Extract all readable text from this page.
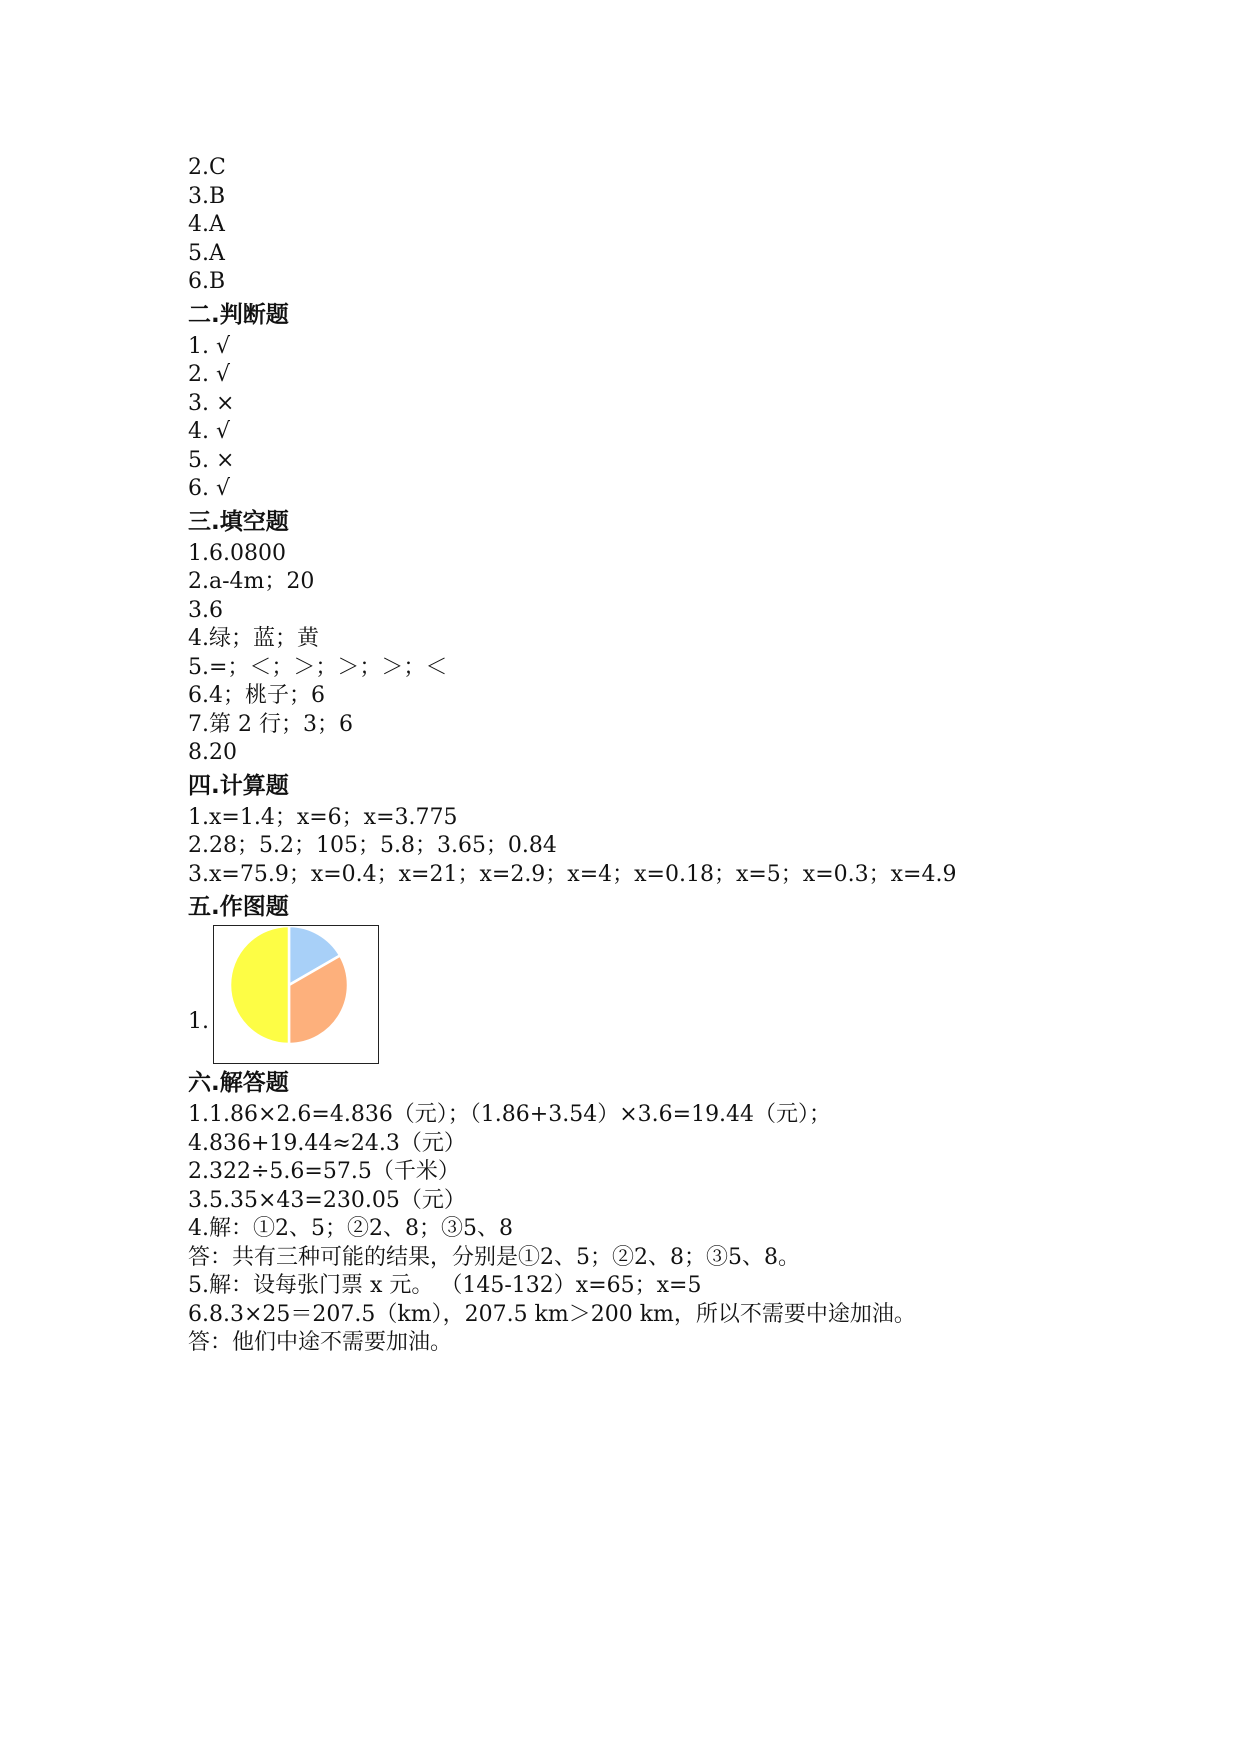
2.C

3.B

4.A

5.A

6.B

二.判断题

1. √

2. √

3. ×

4. √

5. ×

6. √

三.填空题

1.6.0800

2.a-4m；20

3.6

4.绿；蓝；黄

5.=；＜；＞；＞；＞；＜

6.4；桃子；6

7.第 2 行；3；6

8.20

四.计算题

1.x=1.4；x=6；x=3.775

2.28；5.2；105；5.8；3.65；0.84

3.x=75.9；x=0.4；x=21；x=2.9；x=4；x=0.18；x=5；x=0.3；x=4.9

五.作图题

1.

六.解答题

1.1.86×2.6=4.836（元）；（1.86+3.54）×3.6=19.44（元）；

4.836+19.44≈24.3（元）

2.322÷5.6=57.5（千米）

3.5.35×43=230.05（元）

4.解：①2、5；②2、8；③5、8

答：共有三种可能的结果，分别是①2、5；②2、8；③5、8。

5.解：设每张门票 x 元。 （145-132）x=65；x=5

6.8.3×25＝207.5（km），207.5 km＞200 km，所以不需要中途加油。

答：他们中途不需要加油。
